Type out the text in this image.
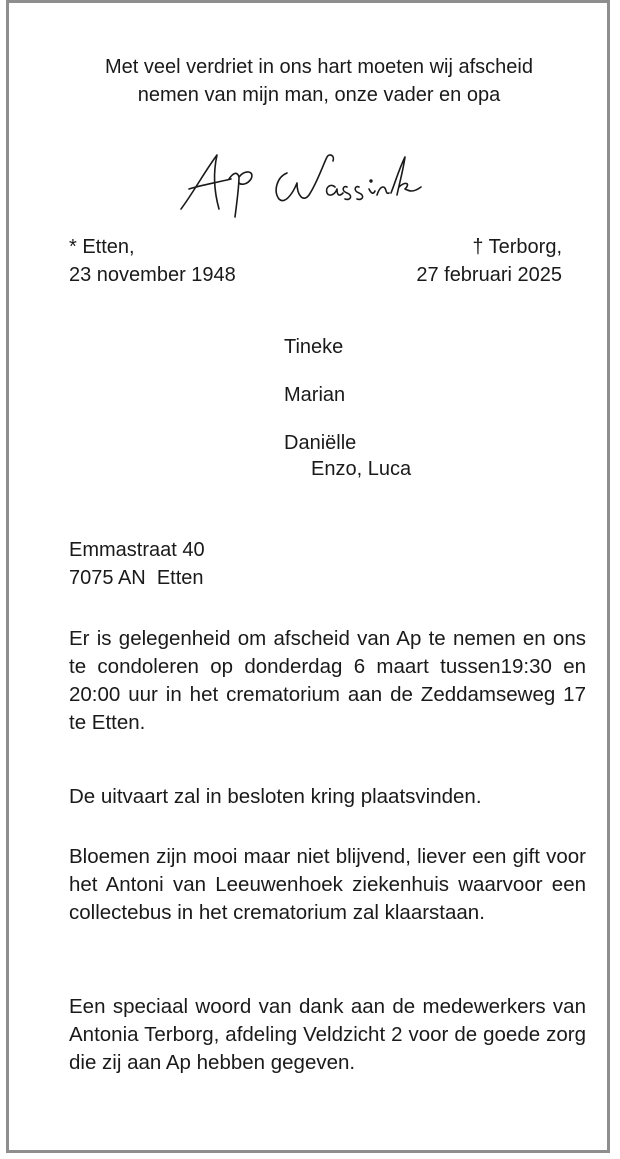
Met veel verdriet in ons hart moeten wij afscheid
nemen van mijn man, onze vader en opa
* Etten,
23 november 1948
† Terborg,
27 februari 2025
Tineke
Marian
Daniëlle
Enzo, Luca
Emmastraat 40
7075 AN  Etten
Er is gelegenheid om afscheid van Ap te nemen en ons te condoleren op donderdag 6 maart tussen19:30 en 20:00 uur in het crematorium aan de Zeddamseweg 17 te Etten.
De uitvaart zal in besloten kring plaatsvinden.
Bloemen zijn mooi maar niet blijvend, liever een gift voor het Antoni van Leeuwenhoek ziekenhuis waarvoor een collectebus in het crematorium zal klaarstaan.
Een speciaal woord van dank aan de medewerkers van Antonia Terborg, afdeling Veldzicht 2 voor de goede zorg die zij aan Ap hebben gegeven.
